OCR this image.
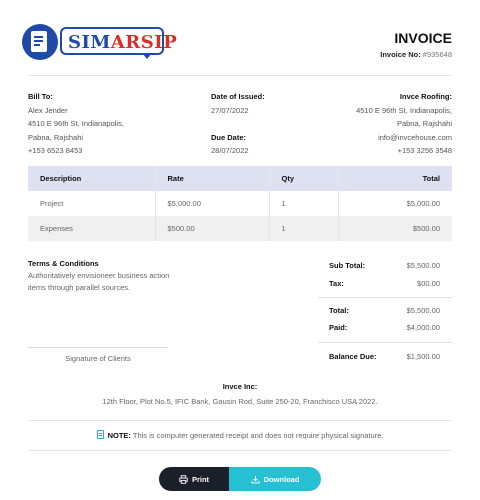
SIMARSIP	INVOICE
Invoice No: #935648
Bill To:
Alex Jender
4510 E 96th St, Indianapolis,
Pabna, Rajshahi
+153 6523 8453
Date of Issued:
27/07/2022
Due Date:
28/07/2022
Invce Roofing:
4510 E 96th St, Indianapolis,
Pabna, Rajshahi
info@invcehouse.com
+153 3256 3548
Description	Rate	Qty	Total
Project	$5,000.00	1	$5,000.00
Expenses	$500.00	1	$500.00
Terms & Conditions
Authoritatively envisioneer business action items through parallel sources.
Signature of Clients
Sub Total:	$5,500.00
Tax:	$00.00
Total:	$5,500.00
Paid:	$4,000.00
Balance Due:	$1,500.00
Invce Inc:
12th Floor, Plot No.5, IFIC Bank, Gausin Rod, Suite 250-20, Franchisco USA 2022.
NOTE: This is computer generated receipt and does not require physical signature.
Print	Download
